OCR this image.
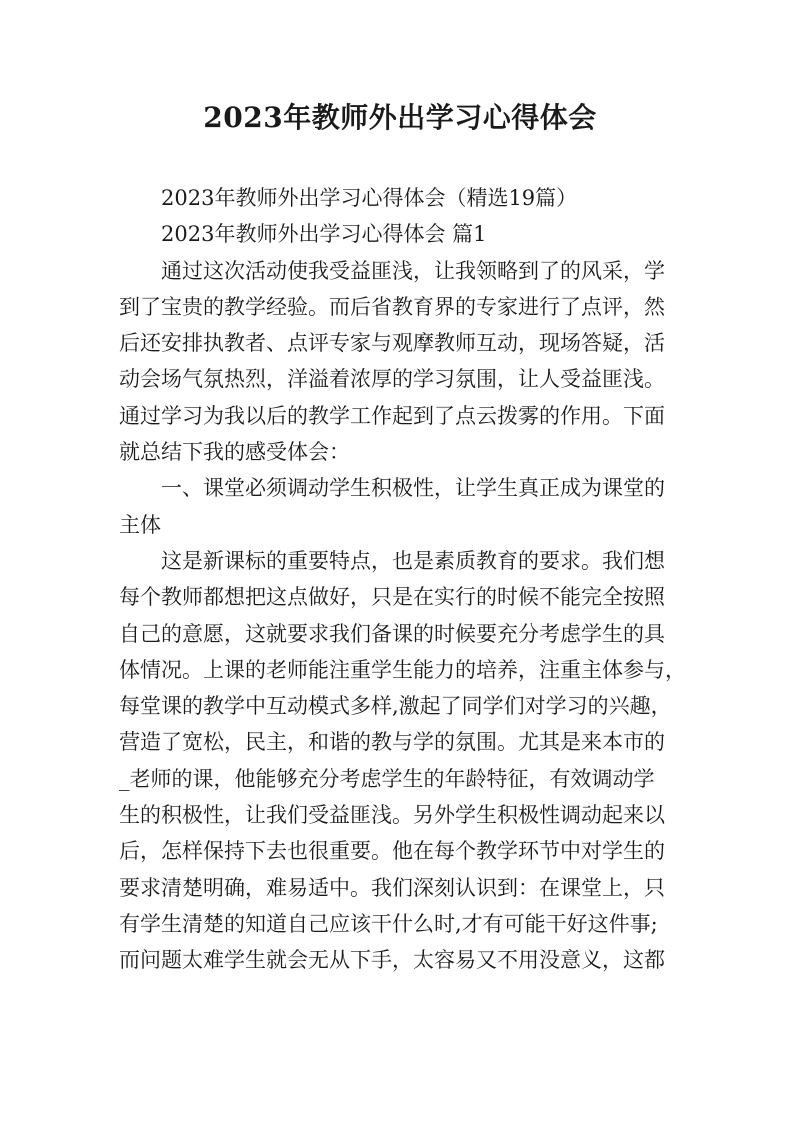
2023年教师外出学习心得体会
2023年教师外出学习心得体会（精选19篇）
2023年教师外出学习心得体会 篇1
通过这次活动使我受益匪浅，让我领略到了的风采，学
到了宝贵的教学经验。而后省教育界的专家进行了点评，然
后还安排执教者、点评专家与观摩教师互动，现场答疑，活
动会场气氛热烈，洋溢着浓厚的学习氛围，让人受益匪浅。
通过学习为我以后的教学工作起到了点云拨雾的作用。下面
就总结下我的感受体会：
一、课堂必须调动学生积极性，让学生真正成为课堂的
主体
这是新课标的重要特点，也是素质教育的要求。我们想
每个教师都想把这点做好，只是在实行的时候不能完全按照
自己的意愿，这就要求我们备课的时候要充分考虑学生的具
体情况。上课的老师能注重学生能力的培养，注重主体参与，
每堂课的教学中互动模式多样,激起了同学们对学习的兴趣，
营造了宽松，民主，和谐的教与学的氛围。尤其是来本市的
_老师的课，他能够充分考虑学生的年龄特征，有效调动学
生的积极性，让我们受益匪浅。另外学生积极性调动起来以
后，怎样保持下去也很重要。他在每个教学环节中对学生的
要求清楚明确，难易适中。我们深刻认识到：在课堂上，只
有学生清楚的知道自己应该干什么时,才有可能干好这件事;
而问题太难学生就会无从下手，太容易又不用没意义，这都
